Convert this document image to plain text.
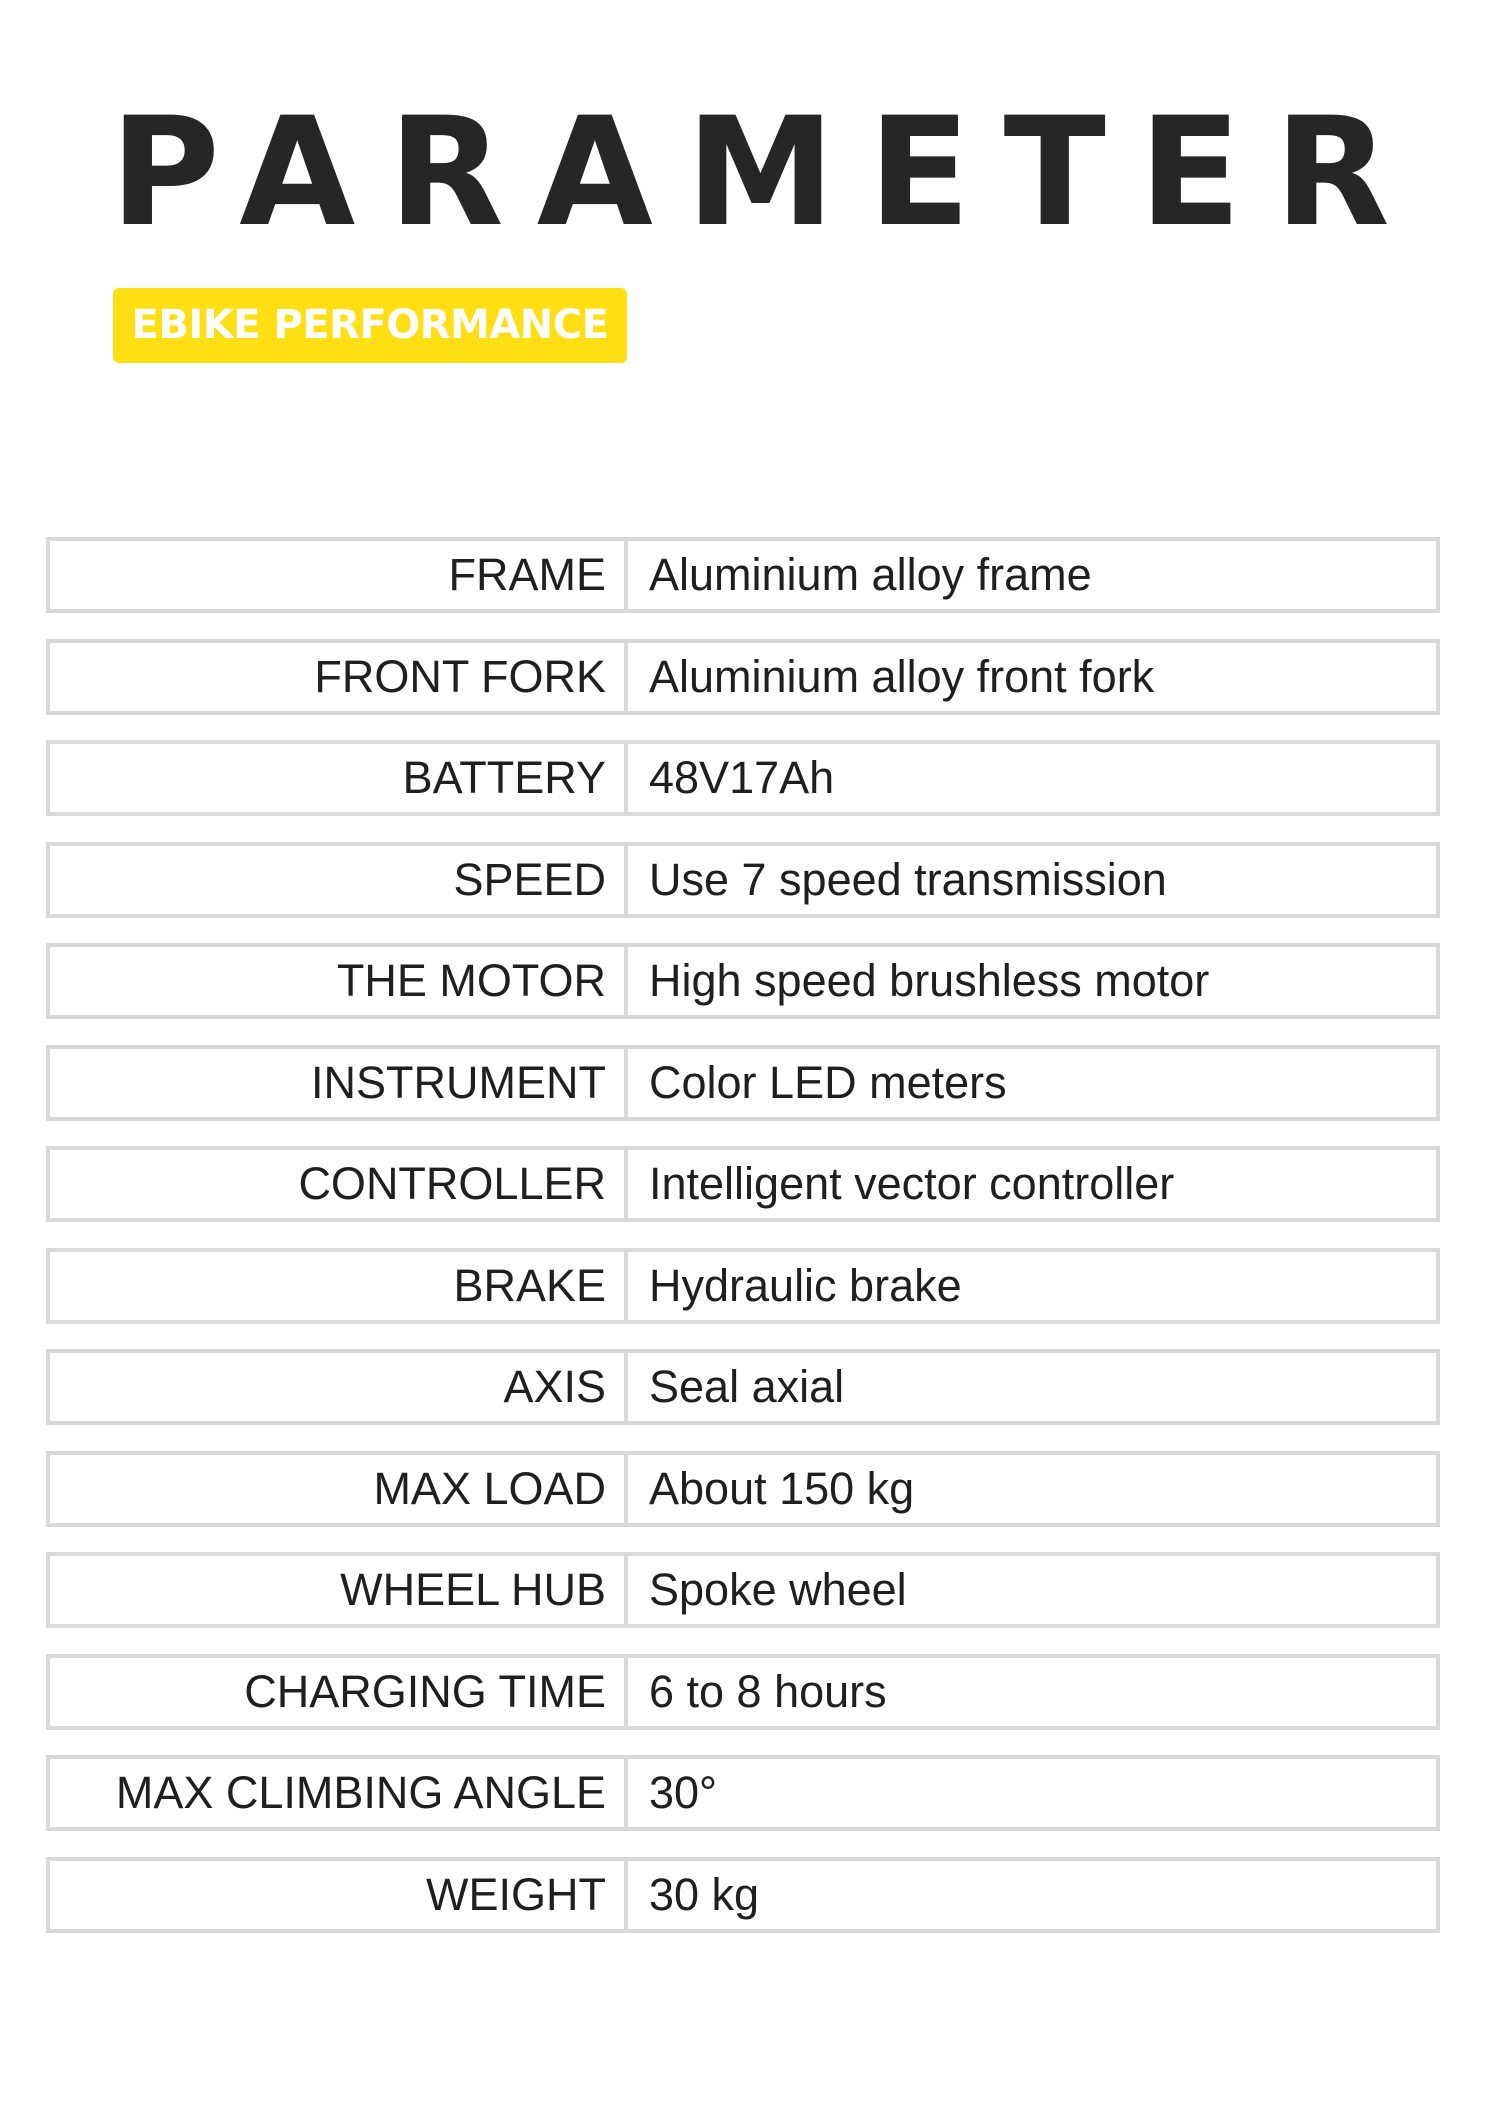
PARAMETER
EBIKE PERFORMANCE
FRAME Aluminium alloy frame
FRONT FORK Aluminium alloy front fork
BATTERY 48V17Ah
SPEED Use 7 speed transmission
THE MOTOR High speed brushless motor
INSTRUMENT Color LED meters
CONTROLLER Intelligent vector controller
BRAKE Hydraulic brake
AXIS Seal axial
MAX LOAD About 150 kg
WHEEL HUB Spoke wheel
CHARGING TIME 6 to 8 hours
MAX CLIMBING ANGLE 30°
WEIGHT 30 kg
